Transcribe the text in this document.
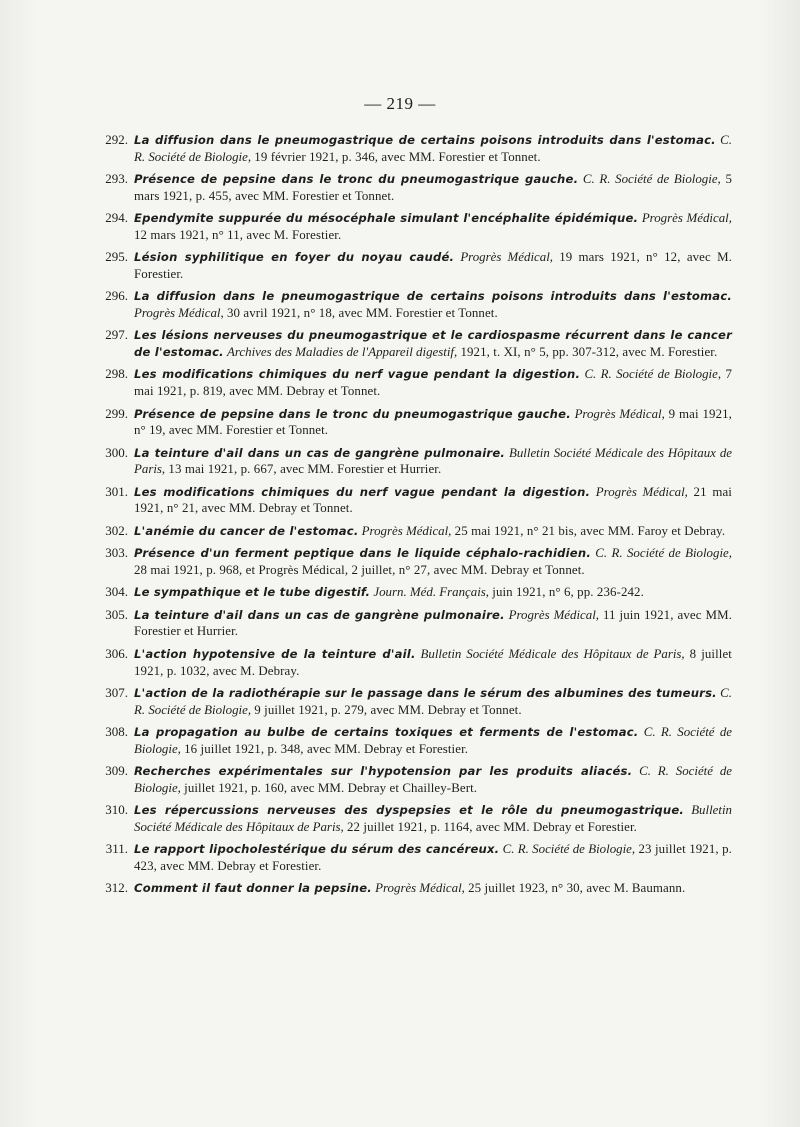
— 219 —
292. La diffusion dans le pneumogastrique de certains poisons introduits dans l'estomac. C. R. Société de Biologie, 19 février 1921, p. 346, avec MM. Forestier et Tonnet.
293. Présence de pepsine dans le tronc du pneumogastrique gauche. C. R. Société de Biologie, 5 mars 1921, p. 455, avec MM. Forestier et Tonnet.
294. Ependymite suppurée du mésocéphale simulant l'encéphalite épidémique. Progrès Médical, 12 mars 1921, n° 11, avec M. Forestier.
295. Lésion syphilitique en foyer du noyau caudé. Progrès Médical, 19 mars 1921, n° 12, avec M. Forestier.
296. La diffusion dans le pneumogastrique de certains poisons introduits dans l'estomac. Progrès Médical, 30 avril 1921, n° 18, avec MM. Forestier et Tonnet.
297. Les lésions nerveuses du pneumogastrique et le cardiospasme récurrent dans le cancer de l'estomac. Archives des Maladies de l'Appareil digestif, 1921, t. XI, n° 5, pp. 307-312, avec M. Forestier.
298. Les modifications chimiques du nerf vague pendant la digestion. C. R. Société de Biologie, 7 mai 1921, p. 819, avec MM. Debray et Tonnet.
299. Présence de pepsine dans le tronc du pneumogastrique gauche. Progrès Médical, 9 mai 1921, n° 19, avec MM. Forestier et Tonnet.
300. La teinture d'ail dans un cas de gangrène pulmonaire. Bulletin Société Médicale des Hôpitaux de Paris, 13 mai 1921, p. 667, avec MM. Forestier et Hurrier.
301. Les modifications chimiques du nerf vague pendant la digestion. Progrès Médical, 21 mai 1921, n° 21, avec MM. Debray et Tonnet.
302. L'anémie du cancer de l'estomac. Progrès Médical, 25 mai 1921, n° 21 bis, avec MM. Faroy et Debray.
303. Présence d'un ferment peptique dans le liquide céphalo-rachidien. C. R. Société de Biologie, 28 mai 1921, p. 968, et Progrès Médical, 2 juillet, n° 27, avec MM. Debray et Tonnet.
304. Le sympathique et le tube digestif. Journ. Méd. Français, juin 1921, n° 6, pp. 236-242.
305. La teinture d'ail dans un cas de gangrène pulmonaire. Progrès Médical, 11 juin 1921, avec MM. Forestier et Hurrier.
306. L'action hypotensive de la teinture d'ail. Bulletin Société Médicale des Hôpitaux de Paris, 8 juillet 1921, p. 1032, avec M. Debray.
307. L'action de la radiothérapie sur le passage dans le sérum des albumines des tumeurs. C. R. Société de Biologie, 9 juillet 1921, p. 279, avec MM. Debray et Tonnet.
308. La propagation au bulbe de certains toxiques et ferments de l'estomac. C. R. Société de Biologie, 16 juillet 1921, p. 348, avec MM. Debray et Forestier.
309. Recherches expérimentales sur l'hypotension par les produits aliacés. C. R. Société de Biologie, juillet 1921, p. 160, avec MM. Debray et Chailley-Bert.
310. Les répercussions nerveuses des dyspepsies et le rôle du pneumogastrique. Bulletin Société Médicale des Hôpitaux de Paris, 22 juillet 1921, p. 1164, avec MM. Debray et Forestier.
311. Le rapport lipocholestérique du sérum des cancéreux. C. R. Société de Biologie, 23 juillet 1921, p. 423, avec MM. Debray et Forestier.
312. Comment il faut donner la pepsine. Progrès Médical, 25 juillet 1923, n° 30, avec M. Baumann.
